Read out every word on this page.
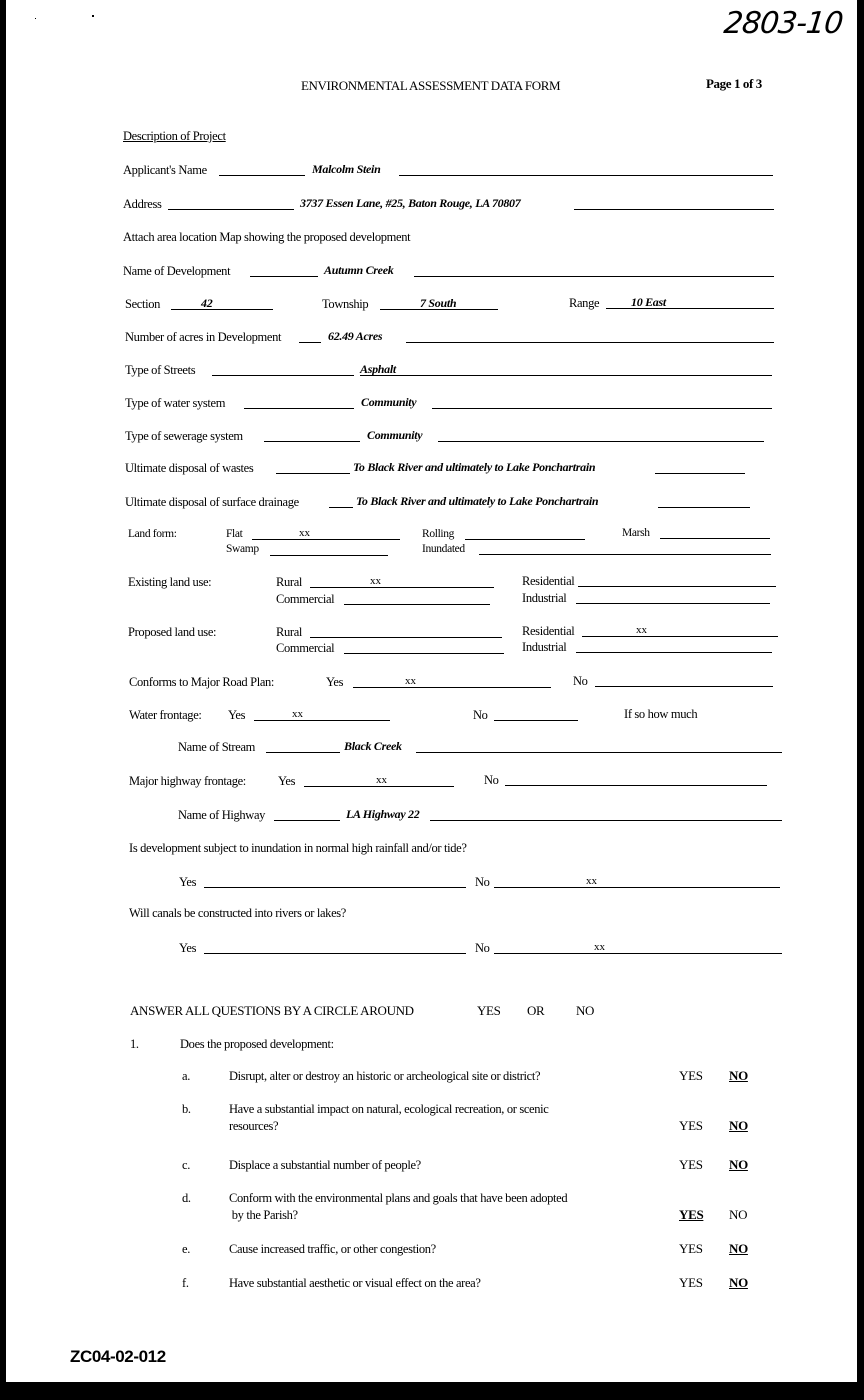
2803-10
ENVIRONMENTAL ASSESSMENT DATA FORM	Page 1 of 3
Description of Project
Applicant's Name	Malcolm Stein
Address	3737 Essen Lane, #25, Baton Rouge, LA 70807
Attach area location Map showing the proposed development
Name of Development	Autumn Creek
Section	42	Township	7 South	Range	10 East
Number of acres in Development	62.49 Acres
Type of Streets	Asphalt
Type of water system	Community
Type of sewerage system	Community
Ultimate disposal of wastes	To Black River and ultimately to Lake Ponchartrain
Ultimate disposal of surface drainage	To Black River and ultimately to Lake Ponchartrain
Land form:	Flat	xx	Rolling	Marsh
Swamp	Inundated
Existing land use:	Rural	xx	Residential
Commercial	Industrial
Proposed land use:	Rural	Residential	xx
Commercial	Industrial
Conforms to Major Road Plan:	Yes	xx	No
Water frontage: Yes	xx	No	If so how much
Name of Stream	Black Creek
Major highway frontage:	Yes	xx	No
Name of Highway	LA Highway 22
Is development subject to inundation in normal high rainfall and/or tide?
Yes	No	xx
Will canals be constructed into rivers or lakes?
Yes	No	xx
ANSWER ALL QUESTIONS BY A CIRCLE AROUND	YES OR NO
1.	Does the proposed development:
a.	Disrupt, alter or destroy an historic or archeological site or district?	YES NO
b.	Have a substantial impact on natural, ecological recreation, or scenic
resources?	YES NO
c.	Displace a substantial number of people?	YES NO
d.	Conform with the environmental plans and goals that have been adopted
by the Parish?	YES NO
e.	Cause increased traffic, or other congestion?	YES NO
f.	Have substantial aesthetic or visual effect on the area?	YES NO
ZC04-02-012
